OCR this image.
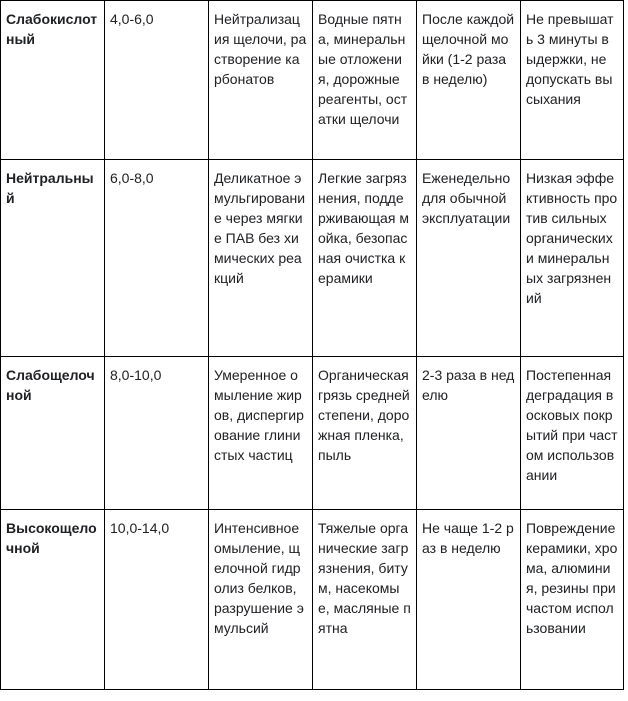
Слабокислотный	4,0-6,0	Нейтрализация щелочи, растворение карбонатов	Водные пятна, минеральные отложения, дорожные реагенты, остатки щелочи	После каждой щелочной мойки (1-2 раза в неделю)	Не превышать 3 минуты выдержки, не допускать высыхания
Нейтральный	6,0-8,0	Деликатное эмульгирование через мягкие ПАВ без химических реакций	Легкие загрязнения, поддерживающая мойка, безопасная очистка керамики	Еженедельно для обычной эксплуатации	Низкая эффективность против сильных органических и минеральных загрязнений
Слабощелочной	8,0-10,0	Умеренное омыление жиров, диспергирование глинистых частиц	Органическая грязь средней степени, дорожная пленка, пыль	2-3 раза в неделю	Постепенная деградация восковых покрытий при частом использовании
Высокощелочной	10,0-14,0	Интенсивное омыление, щелочной гидролиз белков, разрушение эмульсий	Тяжелые органические загрязнения, битум, насекомые, масляные пятна	Не чаще 1-2 раз в неделю	Повреждение керамики, хрома, алюминия, резины при частом использовании
